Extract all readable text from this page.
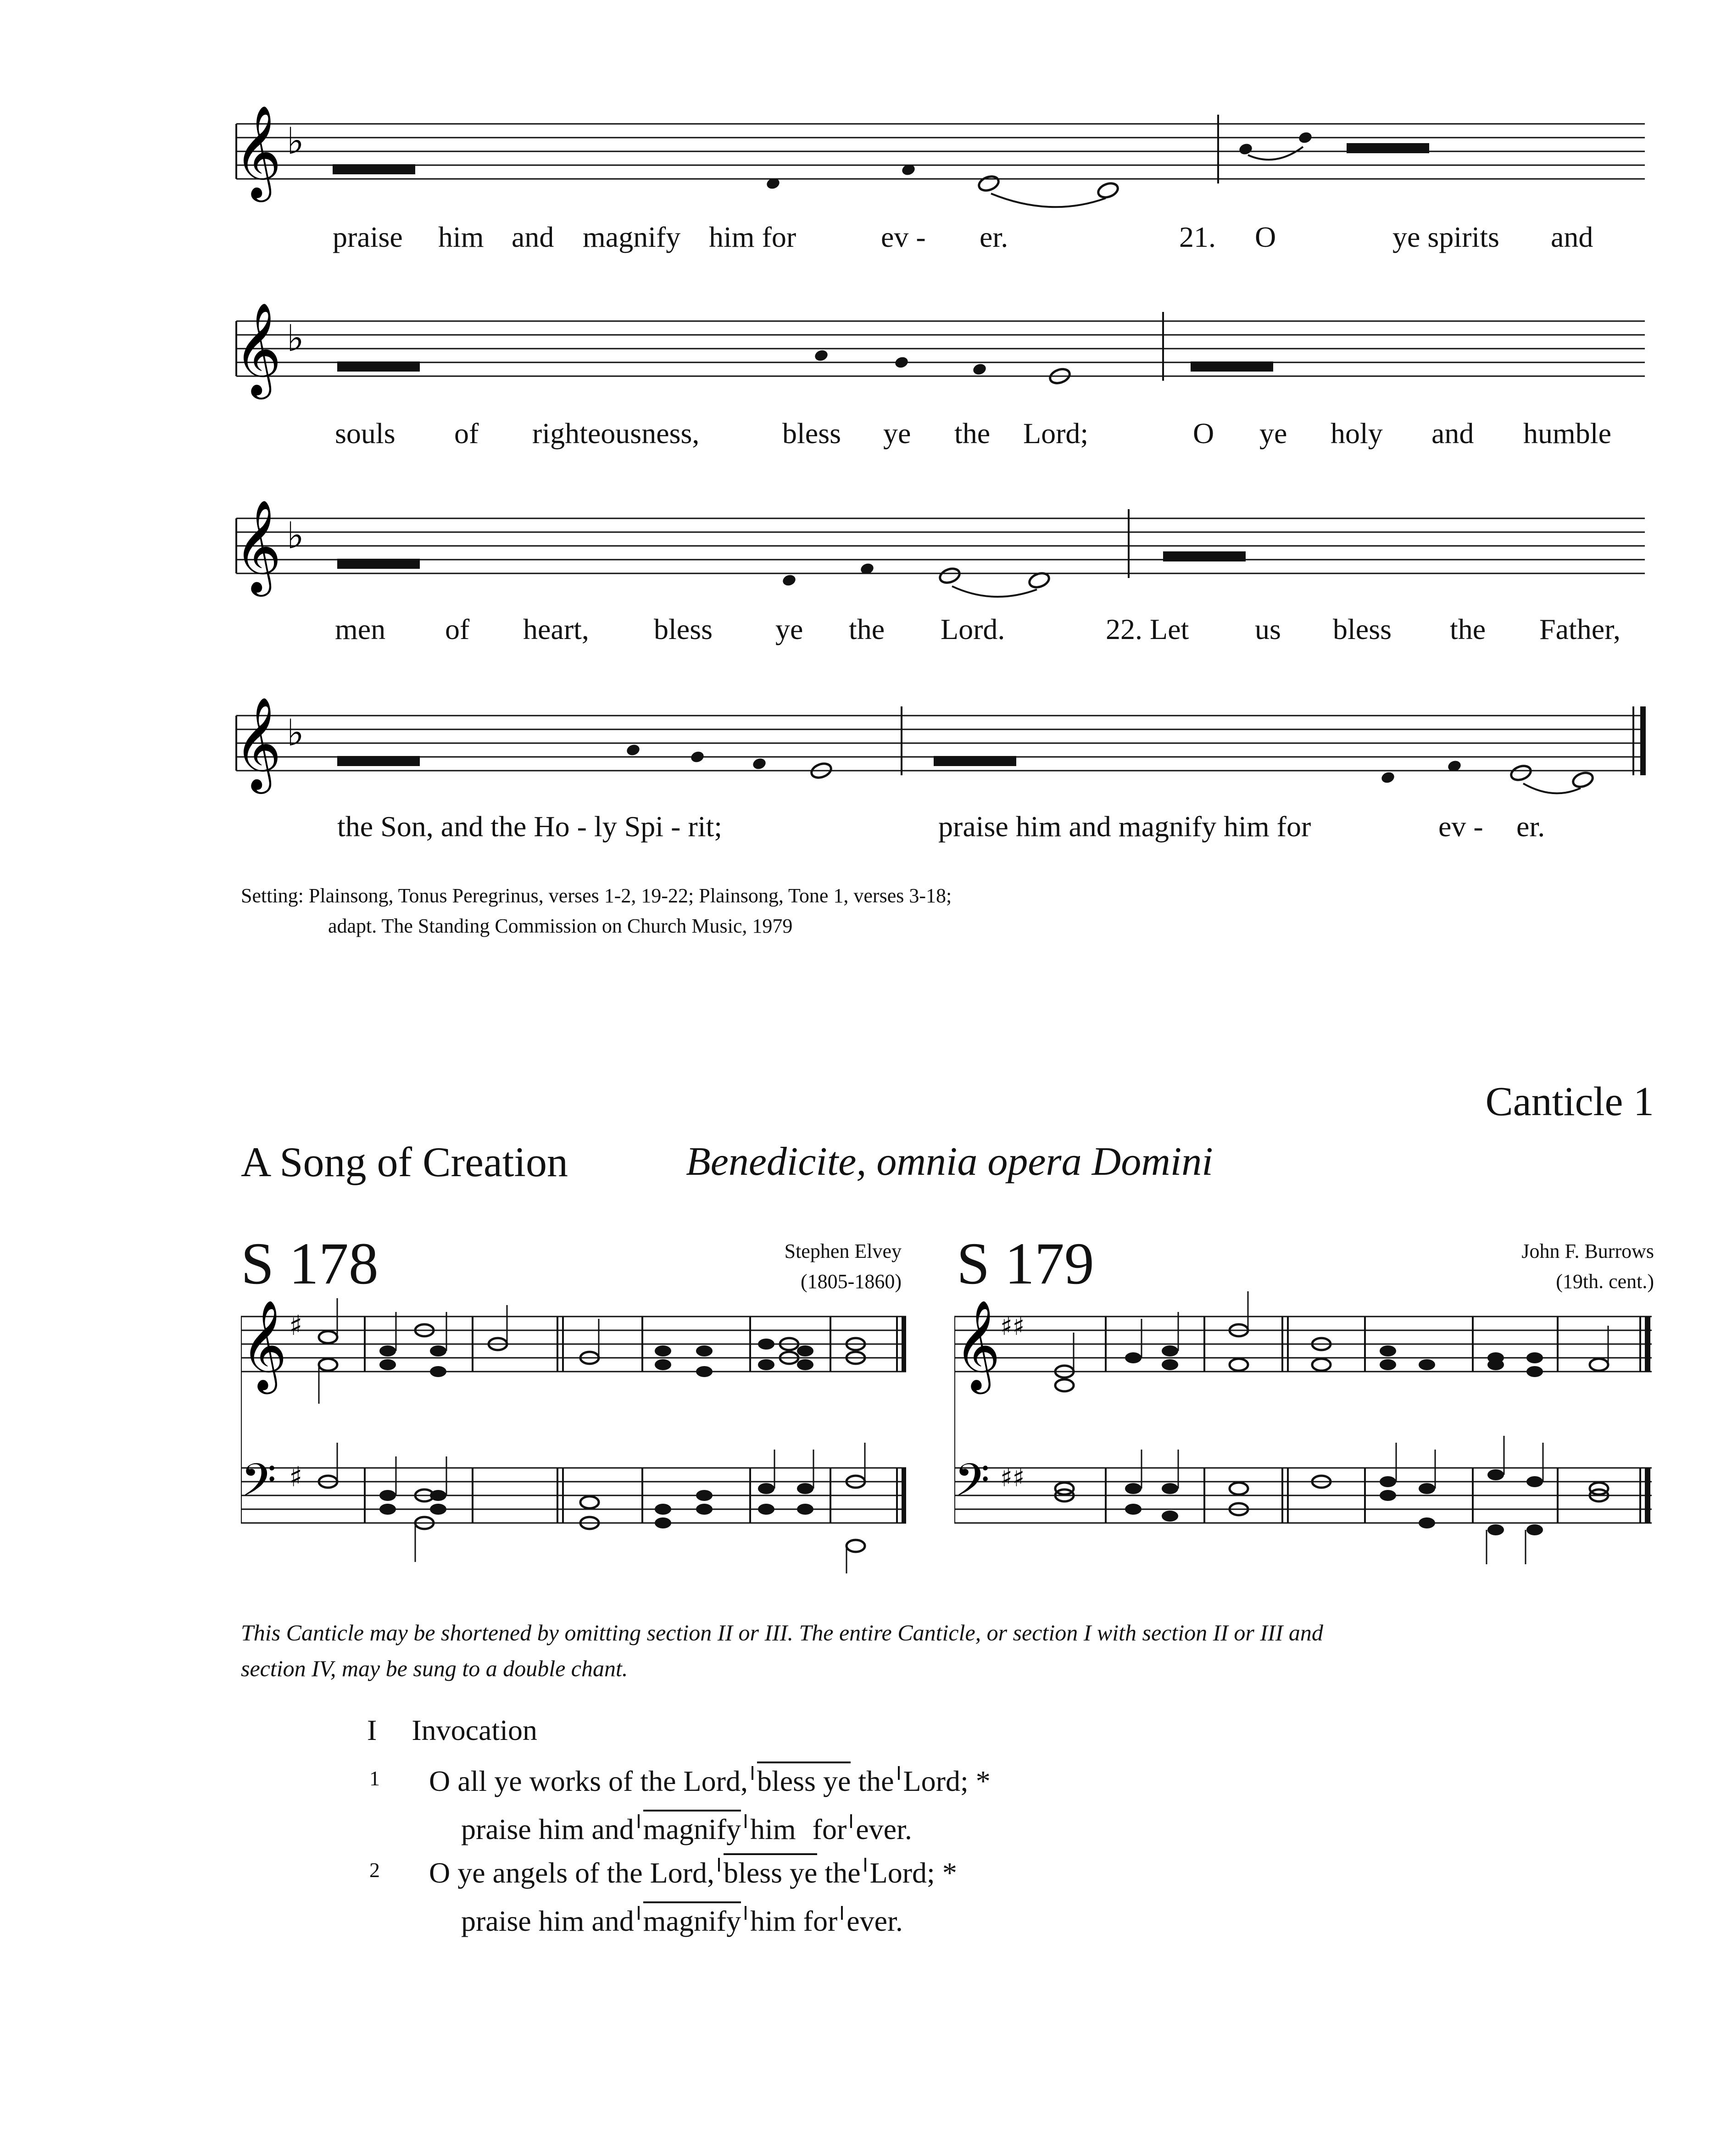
𝄞 ♭
praise him and magnify him for	ev - er.	21. O	ye spirits and
𝄞 ♭
souls of righteousness,	bless ye the Lord;	O ye holy and humble
𝄞 ♭
men of heart, bless ye the Lord.	22. Let us bless the Father,
𝄞 ♭
the Son, and the Ho - ly Spi - rit;	praise him and magnify him for	ev - er.
Setting: Plainsong, Tonus Peregrinus, verses 1-2, 19-22; Plainsong, Tone 1, verses 3-18;
adapt. The Standing Commission on Church Music, 1979
Canticle 1
A Song of Creation	Benedicite, omnia opera Domini
S 178	Stephen Elvey
(1805-1860)
𝄞
𝄢
♯
♯
S 179	John F. Burrows
(19th. cent.)
𝄞
𝄢
♯♯
♯♯
This Canticle may be shortened by omitting section II or III. The entire Canticle, or section I with section II or III and
section IV, may be sung to a double chant.
I Invocation
1 O all ye works of the Lord, bless ye the Lord; *
praise him and magnify him for ever.
2 O ye angels of the Lord, bless ye the Lord; *
praise him and magnify him for ever.
